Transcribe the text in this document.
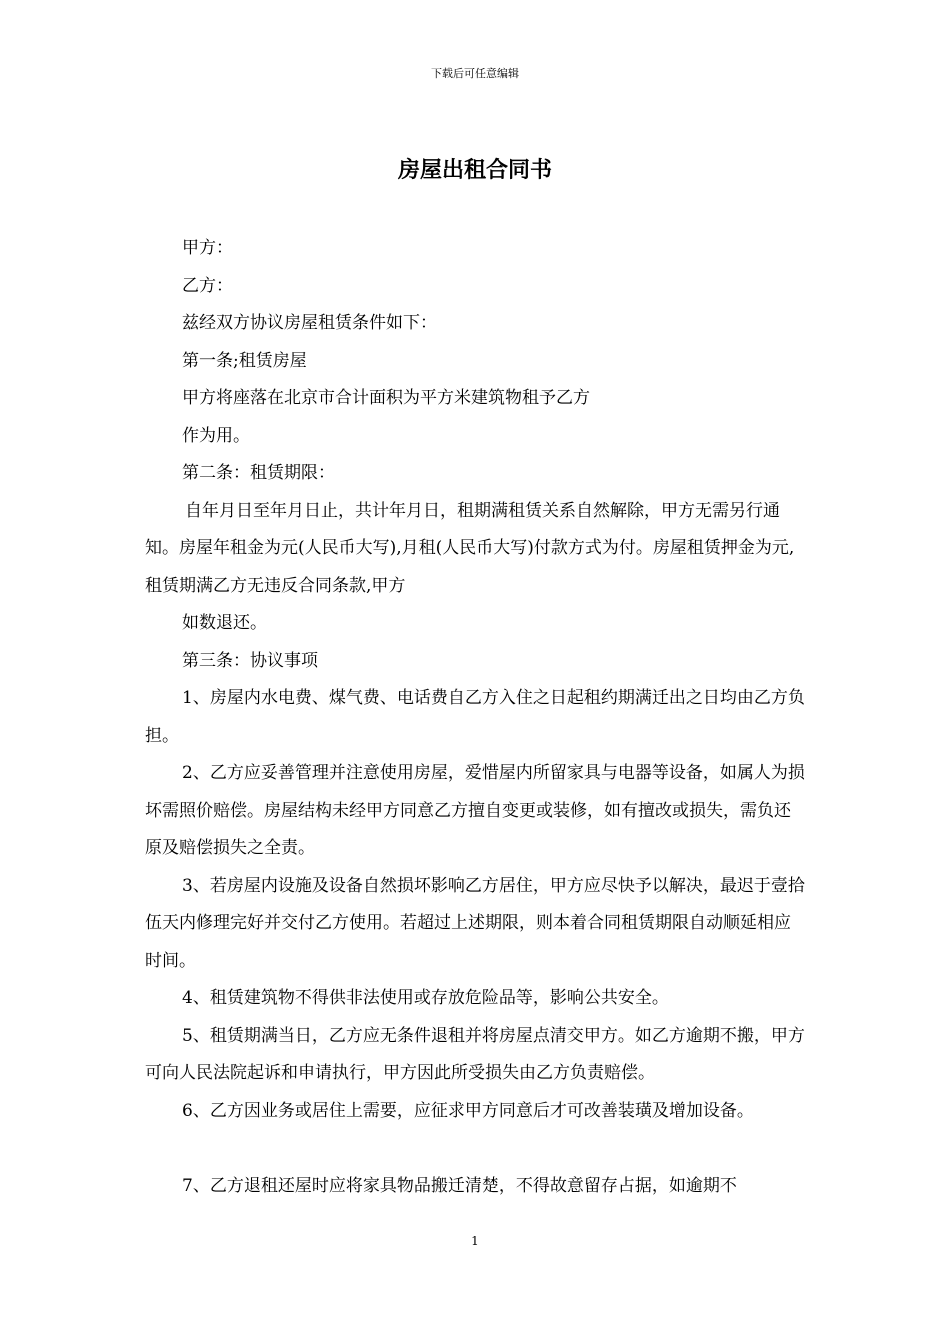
下载后可任意编辑
房屋出租合同书

甲方：

乙方：

兹经双方协议房屋租赁条件如下：

第一条;租赁房屋

甲方将座落在北京市合计面积为平方米建筑物租予乙方

作为用。

第二条：租赁期限：

自年月日至年月日止，共计年月日，租期满租赁关系自然解除，甲方无需另行通知。房屋年租金为元(人民币大写),月租(人民币大写)付款方式为付。房屋租赁押金为元,租赁期满乙方无违反合同条款,甲方

如数退还。

第三条：协议事项

1、房屋内水电费、煤气费、电话费自乙方入住之日起租约期满迁出之日均由乙方负担。

2、乙方应妥善管理并注意使用房屋，爱惜屋内所留家具与电器等设备，如属人为损坏需照价赔偿。房屋结构未经甲方同意乙方擅自变更或装修，如有擅改或损失，需负还原及赔偿损失之全责。

3、若房屋内设施及设备自然损坏影响乙方居住，甲方应尽快予以解决，最迟于壹拾伍天内修理完好并交付乙方使用。若超过上述期限，则本着合同租赁期限自动顺延相应时间。

4、租赁建筑物不得供非法使用或存放危险品等，影响公共安全。

5、租赁期满当日，乙方应无条件退租并将房屋点清交甲方。如乙方逾期不搬，甲方可向人民法院起诉和申请执行，甲方因此所受损失由乙方负责赔偿。

6、乙方因业务或居住上需要，应征求甲方同意后才可改善装璜及增加设备。

7、乙方退租还屋时应将家具物品搬迁清楚，不得故意留存占据，如逾期不

1
